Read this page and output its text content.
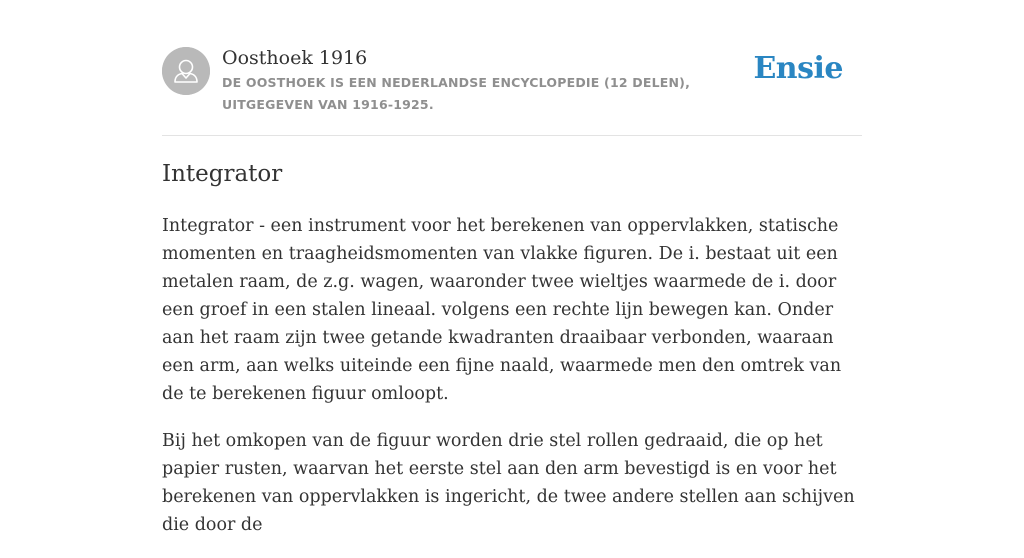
Oosthoek 1916
DE OOSTHOEK IS EEN NEDERLANDSE ENCYCLOPEDIE (12 DELEN), UITGEGEVEN VAN 1916-1925.
Ensie
Integrator

Integrator - een instrument voor het berekenen van oppervlakken, statische momenten en traagheidsmomenten van vlakke figuren. De i. bestaat uit een metalen raam, de z.g. wagen, waaronder twee wieltjes waarmede de i. door een groef in een stalen lineaal. volgens een rechte lijn bewegen kan. Onder aan het raam zijn twee getande kwadranten draaibaar verbonden, waaraan een arm, aan welks uiteinde een fijne naald, waarmede men den omtrek van de te berekenen figuur omloopt.

Bij het omkopen van de figuur worden drie stel rollen gedraaid, die op het papier rusten, waarvan het eerste stel aan den arm bevestigd is en voor het berekenen van oppervlakken is ingericht, de twee andere stellen aan schijven die door de
